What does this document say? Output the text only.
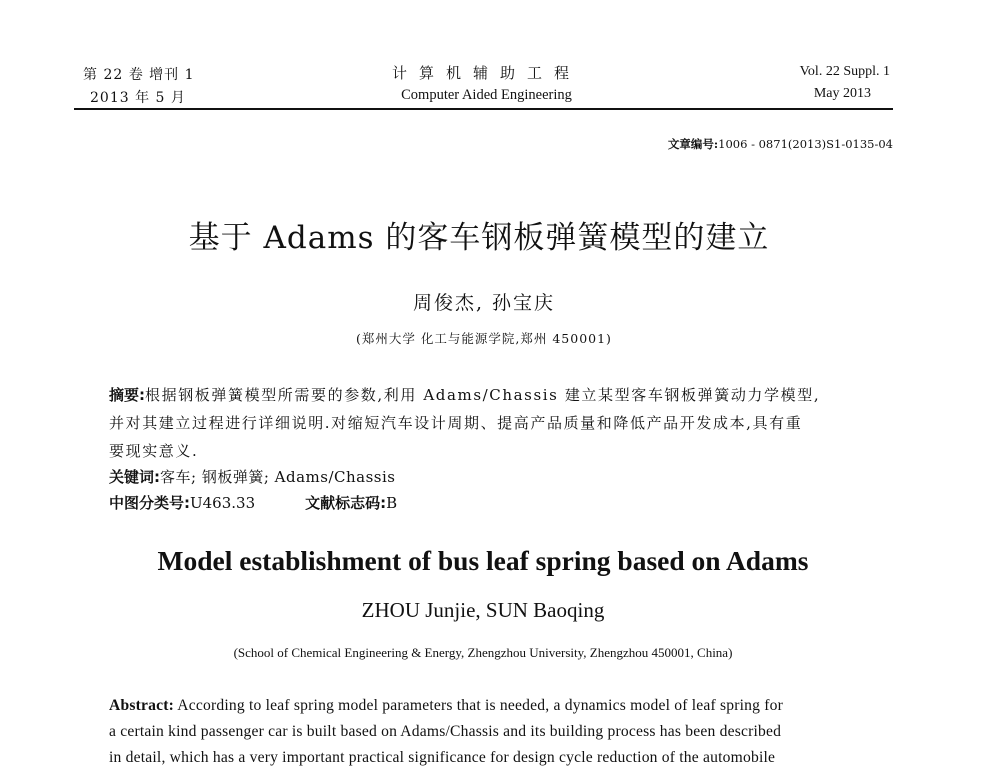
第 22 卷 增刊 1
2013 年 5 月
计算机辅助工程
Computer Aided Engineering
Vol. 22 Suppl. 1
May 2013
文章编号:1006 - 0871(2013)S1-0135-04
基于 Adams 的客车钢板弹簧模型的建立
周俊杰, 孙宝庆
(郑州大学 化工与能源学院,郑州 450001)
摘要:根据钢板弹簧模型所需要的参数,利用 Adams/Chassis 建立某型客车钢板弹簧动力学模型,
并对其建立过程进行详细说明.对缩短汽车设计周期、提高产品质量和降低产品开发成本,具有重
要现实意义.
关键词:客车; 钢板弹簧; Adams/Chassis
中图分类号:U463.33	文献标志码:B
Model establishment of bus leaf spring based on Adams
ZHOU Junjie, SUN Baoqing
(School of Chemical Engineering & Energy, Zhengzhou University, Zhengzhou 450001, China)
Abstract: According to leaf spring model parameters that is needed, a dynamics model of leaf spring for
a certain kind passenger car is built based on Adams/Chassis and its building process has been described
in detail, which has a very important practical significance for design cycle reduction of the automobile
